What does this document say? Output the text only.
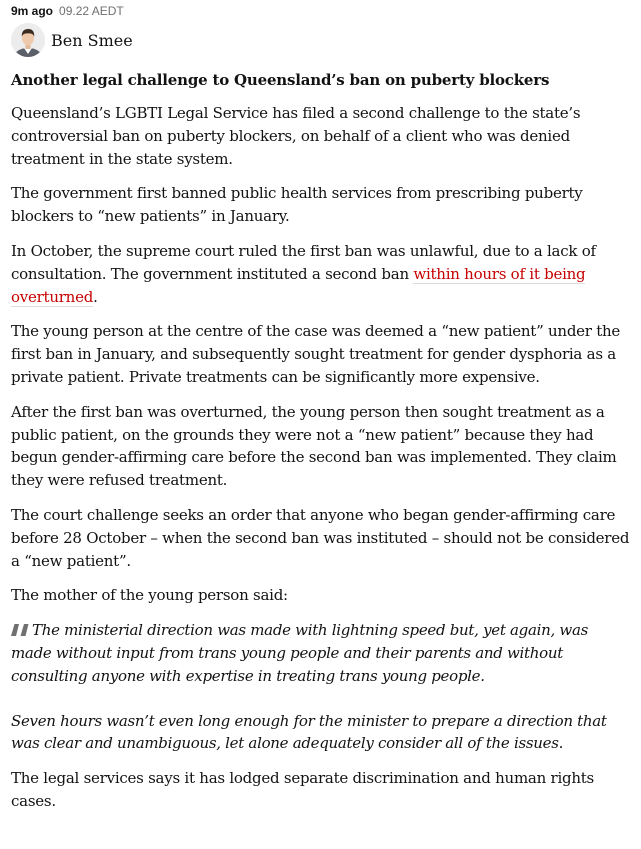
9m ago 09.22 AEDT
Ben Smee
Another legal challenge to Queensland’s ban on puberty blockers

Queensland’s LGBTI Legal Service has filed a second challenge to the state’s controversial ban on puberty blockers, on behalf of a client who was denied treatment in the state system.

The government first banned public health services from prescribing puberty blockers to “new patients” in January.

In October, the supreme court ruled the first ban was unlawful, due to a lack of consultation. The government instituted a second ban within hours of it being overturned.

The young person at the centre of the case was deemed a “new patient” under the first ban in January, and subsequently sought treatment for gender dysphoria as a private patient. Private treatments can be significantly more expensive.

After the first ban was overturned, the young person then sought treatment as a public patient, on the grounds they were not a “new patient” because they had begun gender-affirming care before the second ban was implemented. They claim they were refused treatment.

The court challenge seeks an order that anyone who began gender-affirming care before 28 October – when the second ban was instituted – should not be considered a “new patient”.

The mother of the young person said:

The ministerial direction was made with lightning speed but, yet again, was made without input from trans young people and their parents and without consulting anyone with expertise in treating trans young people.

Seven hours wasn’t even long enough for the minister to prepare a direction that was clear and unambiguous, let alone adequately consider all of the issues.

The legal services says it has lodged separate discrimination and human rights cases.
